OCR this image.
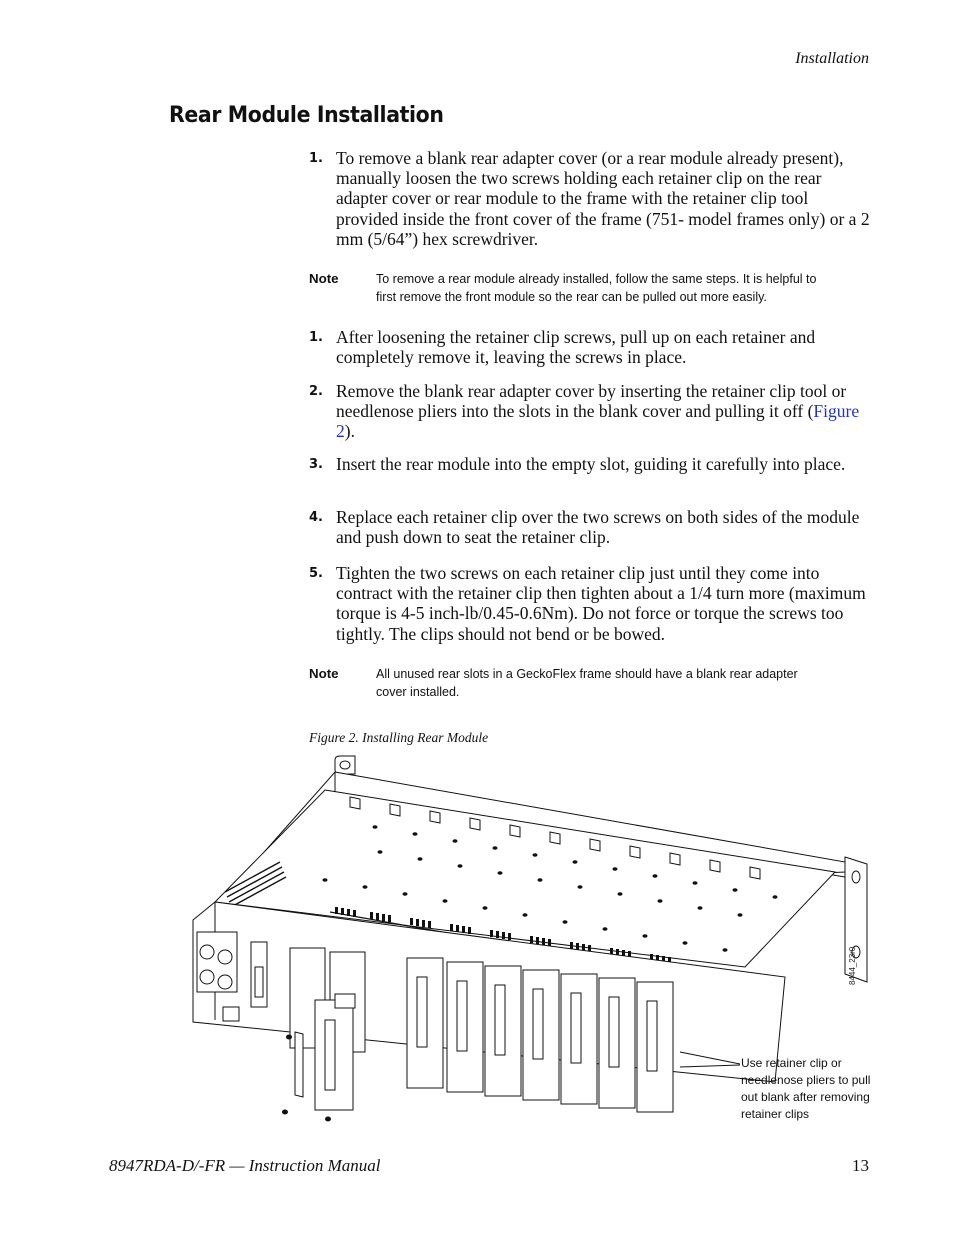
Installation
Rear Module Installation
1. To remove a blank rear adapter cover (or a rear module already present), manually loosen the two screws holding each retainer clip on the rear adapter cover or rear module to the frame with the retainer clip tool provided inside the front cover of the frame (751- model frames only) or a 2 mm (5/64”) hex screwdriver.
Note	To remove a rear module already installed, follow the same steps. It is helpful to first remove the front module so the rear can be pulled out more easily.
1. After loosening the retainer clip screws, pull up on each retainer and completely remove it, leaving the screws in place.
2. Remove the blank rear adapter cover by inserting the retainer clip tool or needlenose pliers into the slots in the blank cover and pulling it off (Figure 2).
3. Insert the rear module into the empty slot, guiding it carefully into place.
4. Replace each retainer clip over the two screws on both sides of the module and push down to seat the retainer clip.
5. Tighten the two screws on each retainer clip just until they come into contract with the retainer clip then tighten about a 1/4 turn more (maximum torque is 4-5 inch-lb/0.45-0.6Nm). Do not force or torque the screws too tightly. The clips should not bend or be bowed.
Note	All unused rear slots in a GeckoFlex frame should have a blank rear adapter cover installed.
Figure 2. Installing Rear Module
Use retainer clip or needlenose pliers to pull out blank after removing retainer clips
8444_23r0
8947RDA-D/-FR — Instruction Manual	13
